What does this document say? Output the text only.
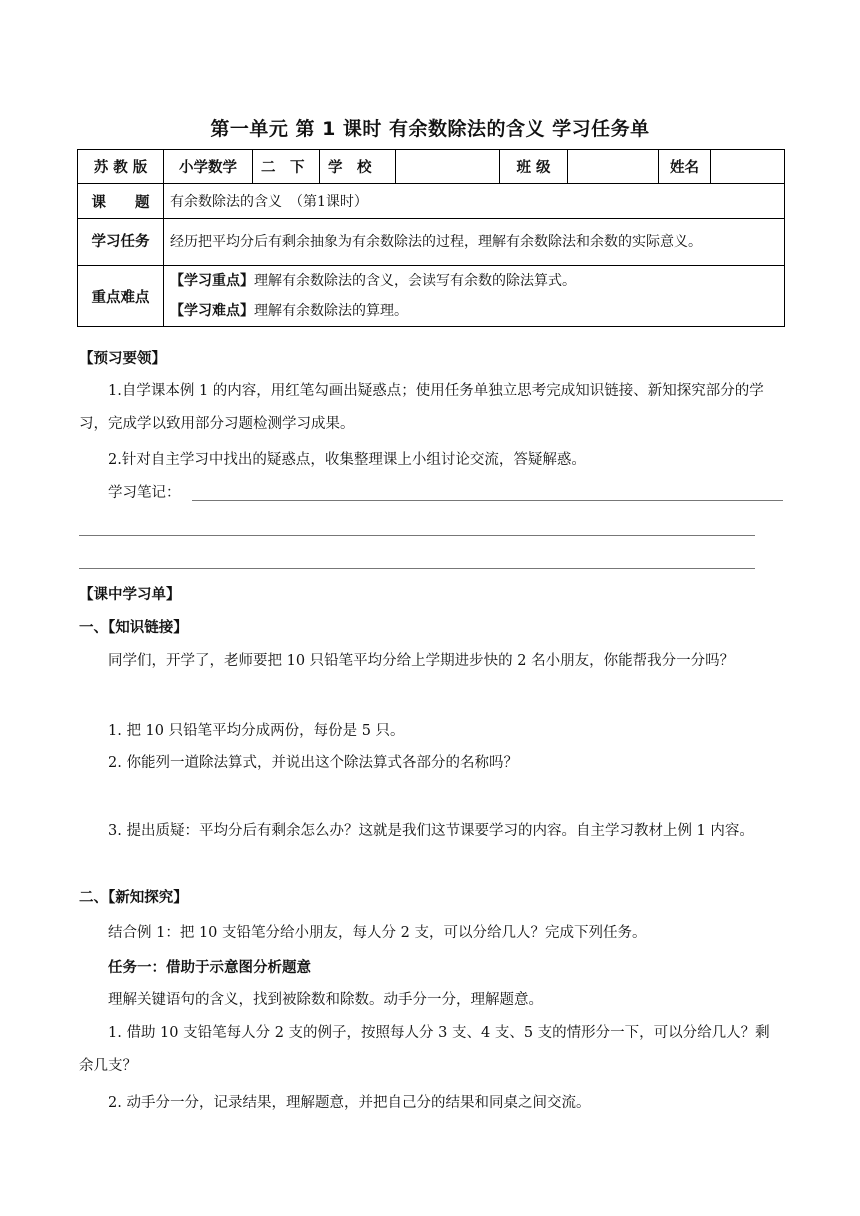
第一单元 第 1 课时 有余数除法的含义 学习任务单
苏 教 版	小学数学	二　下	学　校		班 级		姓名	
课　　题	有余数除法的含义　（第1课时）							
学习任务	经历把平均分后有剩余抽象为有余数除法的过程，理解有余数除法和余数的实际意义。							
重点难点	【学习重点】理解有余数除法的含义，会读写有余数的除法算式。
【学习难点】理解有余数除法的算理。							
【预习要领】
1.自学课本例 1 的内容，用红笔勾画出疑惑点；使用任务单独立思考完成知识链接、新知探究部分的学习，完成学以致用部分习题检测学习成果。
2.针对自主学习中找出的疑惑点，收集整理课上小组讨论交流，答疑解惑。
学习笔记：
【课中学习单】
一、【知识链接】
同学们，开学了，老师要把 10 只铅笔平均分给上学期进步快的 2 名小朋友，你能帮我分一分吗？
1. 把 10 只铅笔平均分成两份，每份是 5 只。
2. 你能列一道除法算式，并说出这个除法算式各部分的名称吗？
3. 提出质疑：平均分后有剩余怎么办？这就是我们这节课要学习的内容。自主学习教材上例 1 内容。
二、【新知探究】
结合例 1：把 10 支铅笔分给小朋友，每人分 2 支，可以分给几人？完成下列任务。
任务一：借助于示意图分析题意
理解关键语句的含义，找到被除数和除数。动手分一分，理解题意。
1. 借助 10 支铅笔每人分 2 支的例子，按照每人分 3 支、4 支、5 支的情形分一下，可以分给几人？剩余几支？
2. 动手分一分，记录结果，理解题意，并把自己分的结果和同桌之间交流。
